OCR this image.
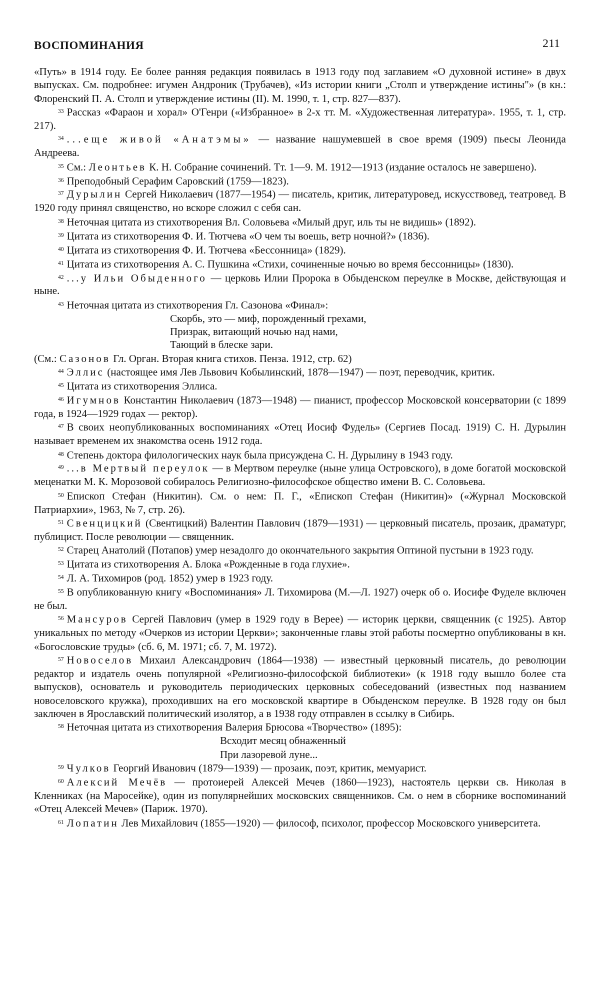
ВОСПОМИНАНИЯ	211

«Путь» в 1914 году. Ее более ранняя редакция появилась в 1913 году под заглавием «О духовной истине» в двух выпусках. См. подробнее: игумен Андроник (Трубачев), «Из истории книги „Столп и утверждение истины"» (в кн.: Флоренский П. А. Столп и утверждение истины (II). М. 1990, т. 1, стр. 827—837).

$^{33}$ Рассказ «Фараон и хорал» О'Генри («Избранное» в 2-х тт. М. «Художественная литература». 1955, т. 1, стр. 217).

$^{34}$ ...еще живой «Анатэмы» — название нашумевшей в свое время (1909) пьесы Леонида Андреева.

$^{35}$ См.: Леонтьев К. Н. Собрание сочинений. Тт. 1—9. М. 1912—1913 (издание осталось не завершено).

$^{36}$ Преподобный Серафим Саровский (1759—1823).

$^{37}$ Дурылин Сергей Николаевич (1877—1954) — писатель, критик, литературовед, искусствовед, театровед. В 1920 году принял священство, но вскоре сложил с себя сан.

$^{38}$ Неточная цитата из стихотворения Вл. Соловьева «Милый друг, иль ты не видишь» (1892).

$^{39}$ Цитата из стихотворения Ф. И. Тютчева «О чем ты воешь, ветр ночной?» (1836).

$^{40}$ Цитата из стихотворения Ф. И. Тютчева «Бессонница» (1829).

$^{41}$ Цитата из стихотворения А. С. Пушкина «Стихи, сочиненные ночью во время бессонницы» (1830).

$^{42}$ ...у Ильи Обыденного — церковь Илии Пророка в Обыденском переулке в Москве, действующая и ныне.

$^{43}$ Неточная цитата из стихотворения Гл. Сазонова «Финал»:

Скорбь, это — миф, порожденный грехами,
Призрак, витающий ночью над нами,
Тающий в блеске зари.

(См.: Сазонов Гл. Орган. Вторая книга стихов. Пенза. 1912, стр. 62)

$^{44}$ Эллис (настоящее имя Лев Львович Кобылинский, 1878—1947) — поэт, переводчик, критик.

$^{45}$ Цитата из стихотворения Эллиса.

$^{46}$ Игумнов Константин Николаевич (1873—1948) — пианист, профессор Московской консерватории (с 1899 года, в 1924—1929 годах — ректор).

$^{47}$ В своих неопубликованных воспоминаниях «Отец Иосиф Фудель» (Сергиев Посад. 1919) С. Н. Дурылин называет временем их знакомства осень 1912 года.

$^{48}$ Степень доктора филологических наук была присуждена С. Н. Дурылину в 1943 году.

$^{49}$ ...в Мертвый переулок — в Мертвом переулке (ныне улица Островского), в доме богатой московской меценатки М. К. Морозовой собиралось Религиозно-философское общество имени В. С. Соловьева.

$^{50}$ Епископ Стефан (Никитин). См. о нем: П. Г., «Епископ Стефан (Никитин)» («Журнал Московской Патриархии», 1963, № 7, стр. 26).

$^{51}$ Свенцицкий (Свентицкий) Валентин Павлович (1879—1931) — церковный писатель, прозаик, драматург, публицист. После революции — священник.

$^{52}$ Старец Анатолий (Потапов) умер незадолго до окончательного закрытия Оптиной пустыни в 1923 году.

$^{53}$ Цитата из стихотворения А. Блока «Рожденные в года глухие».

$^{54}$ Л. А. Тихомиров (род. 1852) умер в 1923 году.

$^{55}$ В опубликованную книгу «Воспоминания» Л. Тихомирова (М.—Л. 1927) очерк об о. Иосифе Фуделе включен не был.

$^{56}$ Мансуров Сергей Павлович (умер в 1929 году в Верее) — историк церкви, священник (с 1925). Автор уникальных по методу «Очерков из истории Церкви»; законченные главы этой работы посмертно опубликованы в кн. «Богословские труды» (сб. 6, М. 1971; сб. 7, М. 1972).

$^{57}$ Новоселов Михаил Александрович (1864—1938) — известный церковный писатель, до революции редактор и издатель очень популярной «Религиозно-философской библиотеки» (к 1918 году вышло более ста выпусков), основатель и руководитель периодических церковных собеседований (известных под названием новоселовского кружка), проходивших на его московской квартире в Обыденском переулке. В 1928 году он был заключен в Ярославский политический изолятор, а в 1938 году отправлен в ссылку в Сибирь.

$^{58}$ Неточная цитата из стихотворения Валерия Брюсова «Творчество» (1895):

Всходит месяц обнаженный
При лазоревой луне...

$^{59}$ Чулков Георгий Иванович (1879—1939) — прозаик, поэт, критик, мемуарист.

$^{60}$ Алексий Мечёв — протоиерей Алексей Мечев (1860—1923), настоятель церкви св. Николая в Кленниках (на Маросейке), один из популярнейших московских священников. См. о нем в сборнике воспоминаний «Отец Алексей Мечев» (Париж. 1970).

$^{61}$ Лопатин Лев Михайлович (1855—1920) — философ, психолог, профессор Московского университета.
